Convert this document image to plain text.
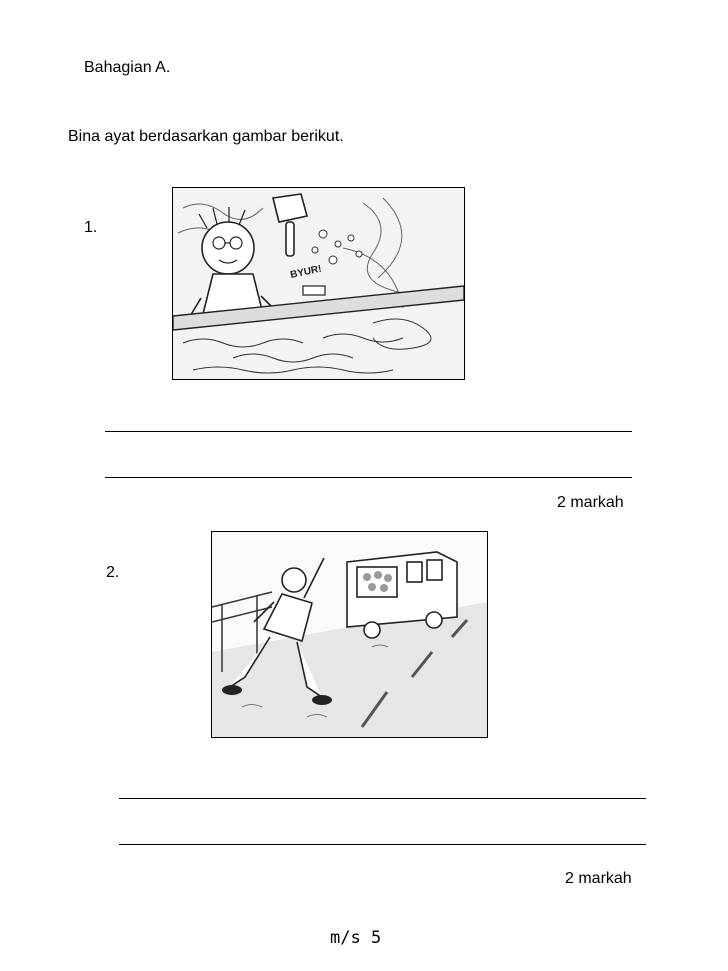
Bahagian A.
Bina ayat berdasarkan gambar berikut.
1.
BYUR!
2 markah
2.
2 markah
m/s 5
